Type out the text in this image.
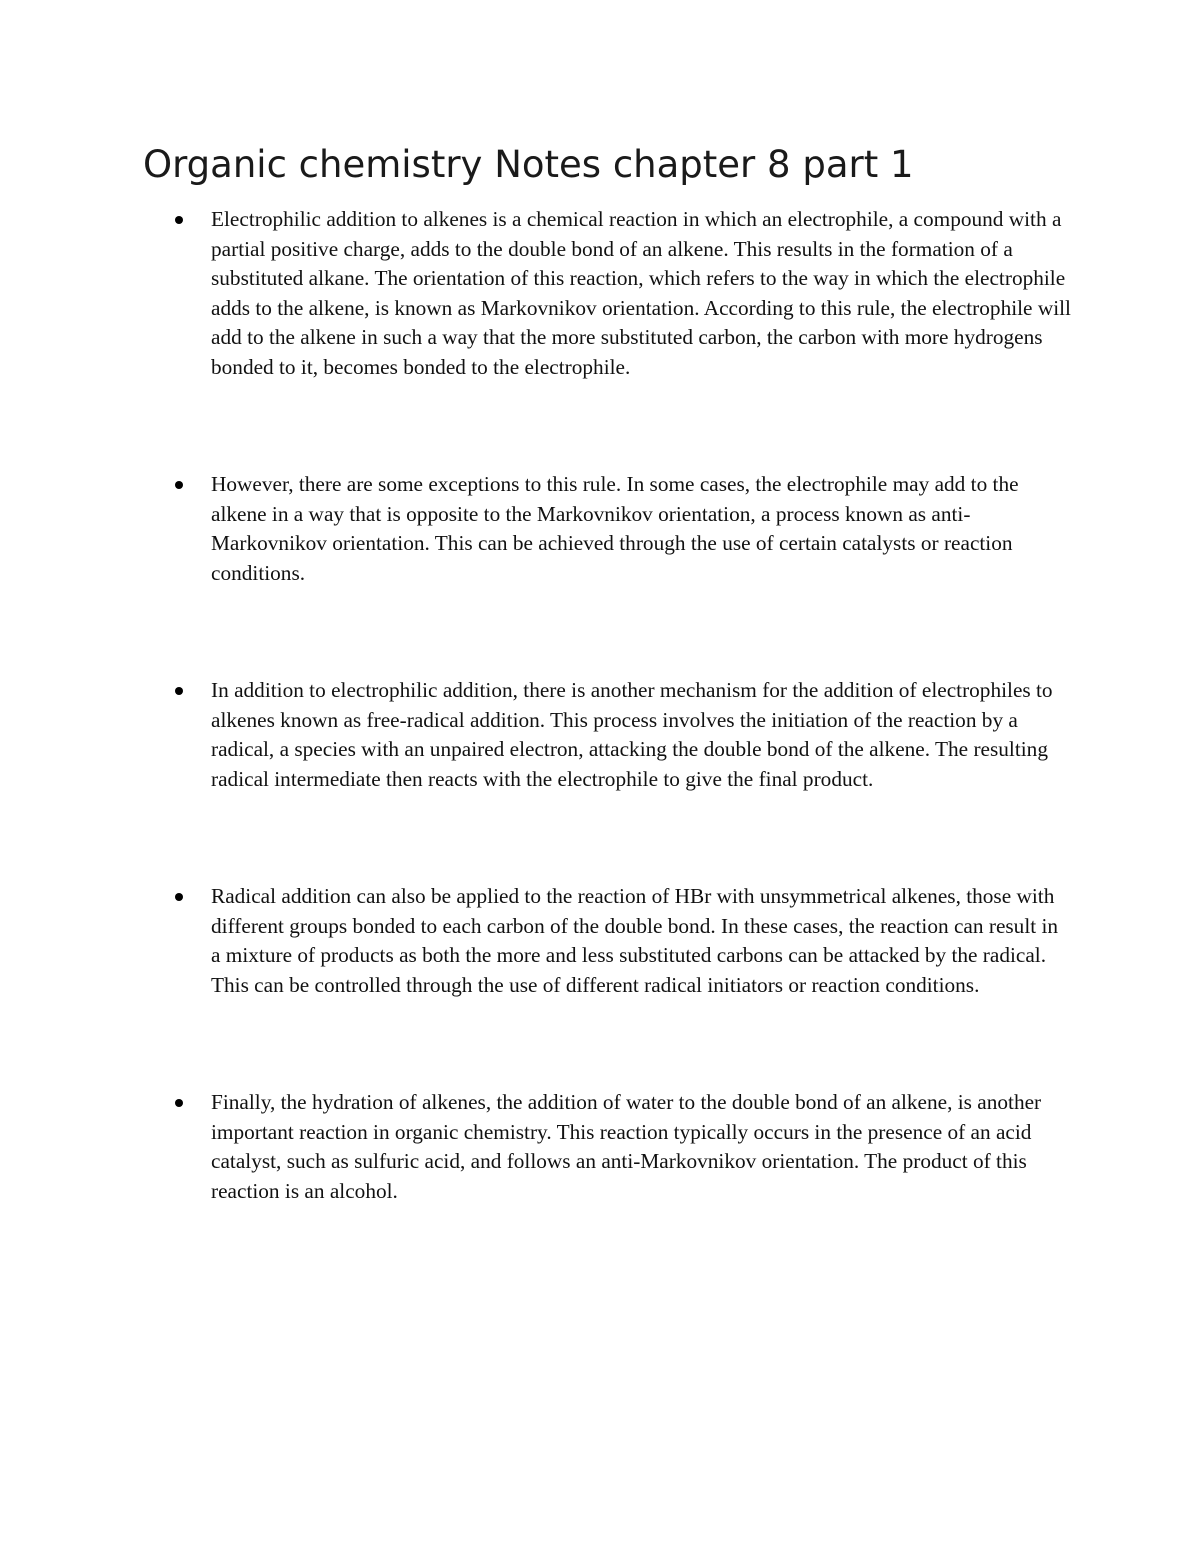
Organic chemistry Notes chapter 8 part 1
Electrophilic addition to alkenes is a chemical reaction in which an electrophile, a compound with a partial positive charge, adds to the double bond of an alkene. This results in the formation of a substituted alkane. The orientation of this reaction, which refers to the way in which the electrophile adds to the alkene, is known as Markovnikov orientation. According to this rule, the electrophile will add to the alkene in such a way that the more substituted carbon, the carbon with more hydrogens bonded to it, becomes bonded to the electrophile.
However, there are some exceptions to this rule. In some cases, the electrophile may add to the alkene in a way that is opposite to the Markovnikov orientation, a process known as anti-Markovnikov orientation. This can be achieved through the use of certain catalysts or reaction conditions.
In addition to electrophilic addition, there is another mechanism for the addition of electrophiles to alkenes known as free-radical addition. This process involves the initiation of the reaction by a radical, a species with an unpaired electron, attacking the double bond of the alkene. The resulting radical intermediate then reacts with the electrophile to give the final product.
Radical addition can also be applied to the reaction of HBr with unsymmetrical alkenes, those with different groups bonded to each carbon of the double bond. In these cases, the reaction can result in a mixture of products as both the more and less substituted carbons can be attacked by the radical. This can be controlled through the use of different radical initiators or reaction conditions.
Finally, the hydration of alkenes, the addition of water to the double bond of an alkene, is another important reaction in organic chemistry. This reaction typically occurs in the presence of an acid catalyst, such as sulfuric acid, and follows an anti-Markovnikov orientation. The product of this reaction is an alcohol.
